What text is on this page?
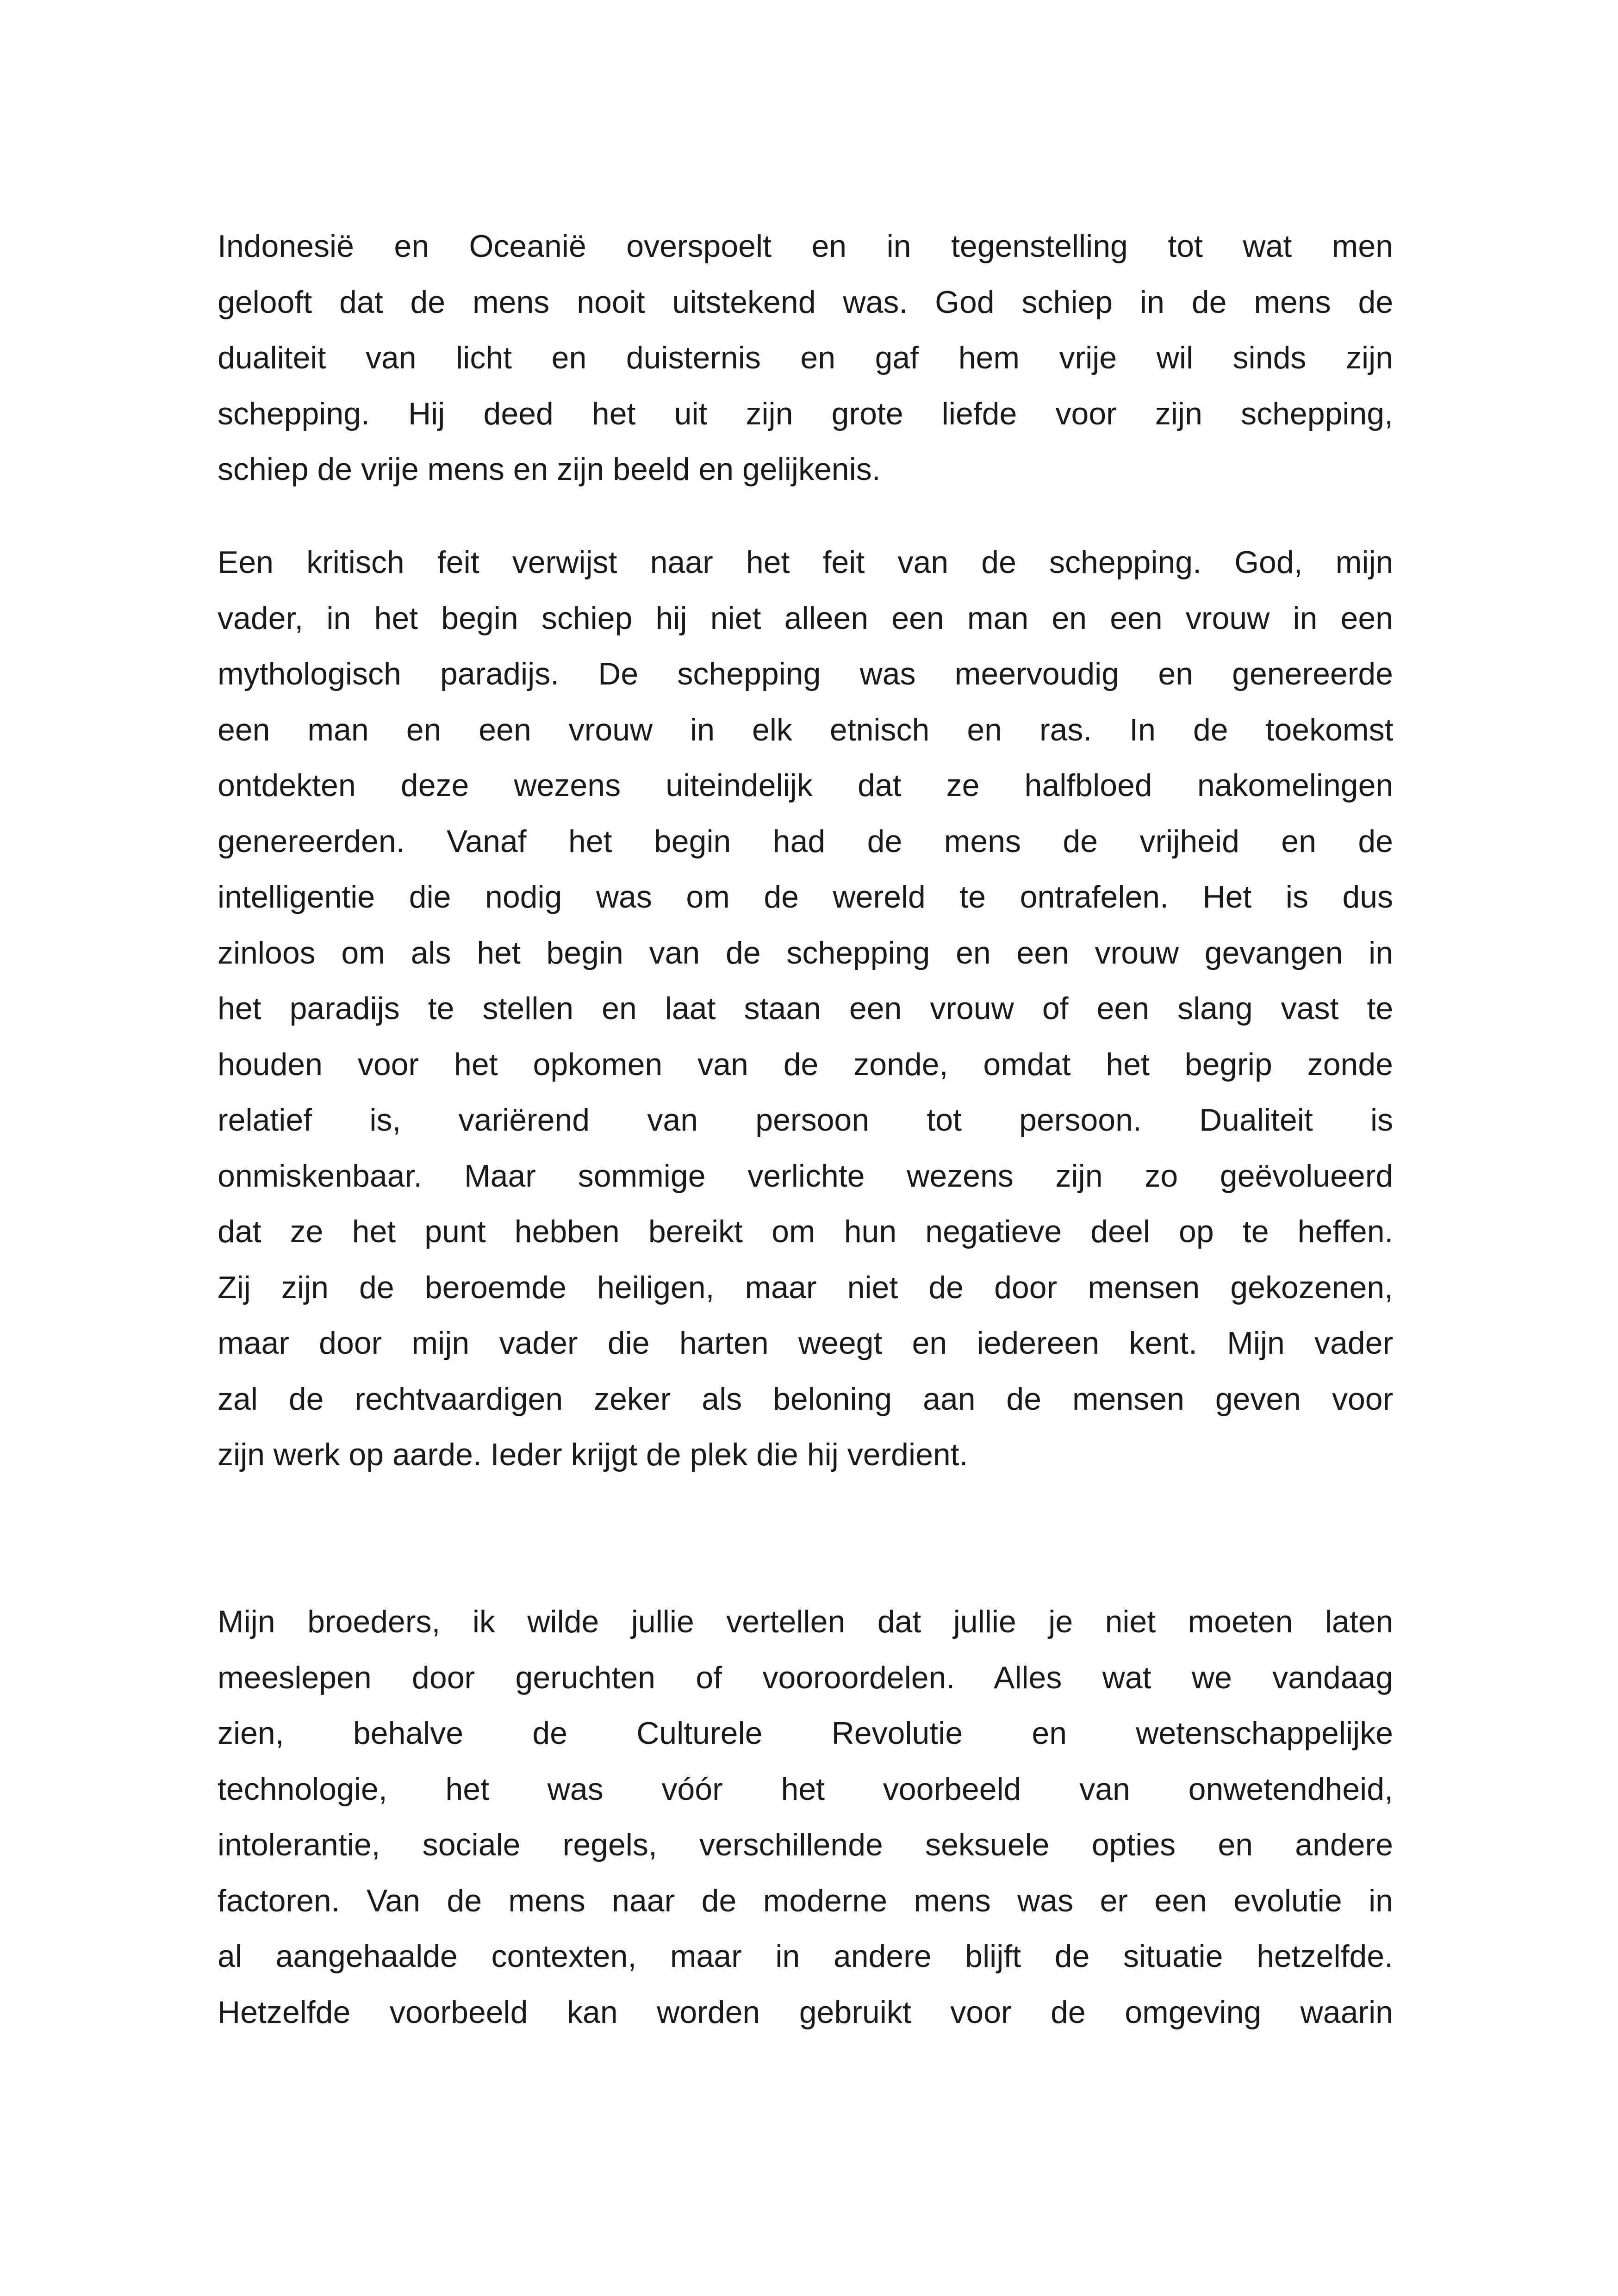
Indonesië en Oceanië overspoelt en in tegenstelling tot wat men
gelooft dat de mens nooit uitstekend was. God schiep in de mens de
dualiteit van licht en duisternis en gaf hem vrije wil sinds zijn
schepping. Hij deed het uit zijn grote liefde voor zijn schepping,
schiep de vrije mens en zijn beeld en gelijkenis.
Een kritisch feit verwijst naar het feit van de schepping. God, mijn
vader, in het begin schiep hij niet alleen een man en een vrouw in een
mythologisch paradijs. De schepping was meervoudig en genereerde
een man en een vrouw in elk etnisch en ras. In de toekomst
ontdekten deze wezens uiteindelijk dat ze halfbloed nakomelingen
genereerden. Vanaf het begin had de mens de vrijheid en de
intelligentie die nodig was om de wereld te ontrafelen. Het is dus
zinloos om als het begin van de schepping en een vrouw gevangen in
het paradijs te stellen en laat staan een vrouw of een slang vast te
houden voor het opkomen van de zonde, omdat het begrip zonde
relatief is, variërend van persoon tot persoon. Dualiteit is
onmiskenbaar. Maar sommige verlichte wezens zijn zo geëvolueerd
dat ze het punt hebben bereikt om hun negatieve deel op te heffen.
Zij zijn de beroemde heiligen, maar niet de door mensen gekozenen,
maar door mijn vader die harten weegt en iedereen kent. Mijn vader
zal de rechtvaardigen zeker als beloning aan de mensen geven voor
zijn werk op aarde. Ieder krijgt de plek die hij verdient.
Mijn broeders, ik wilde jullie vertellen dat jullie je niet moeten laten
meeslepen door geruchten of vooroordelen. Alles wat we vandaag
zien, behalve de Culturele Revolutie en wetenschappelijke
technologie, het was vóór het voorbeeld van onwetendheid,
intolerantie, sociale regels, verschillende seksuele opties en andere
factoren. Van de mens naar de moderne mens was er een evolutie in
al aangehaalde contexten, maar in andere blijft de situatie hetzelfde.
Hetzelfde voorbeeld kan worden gebruikt voor de omgeving waarin
